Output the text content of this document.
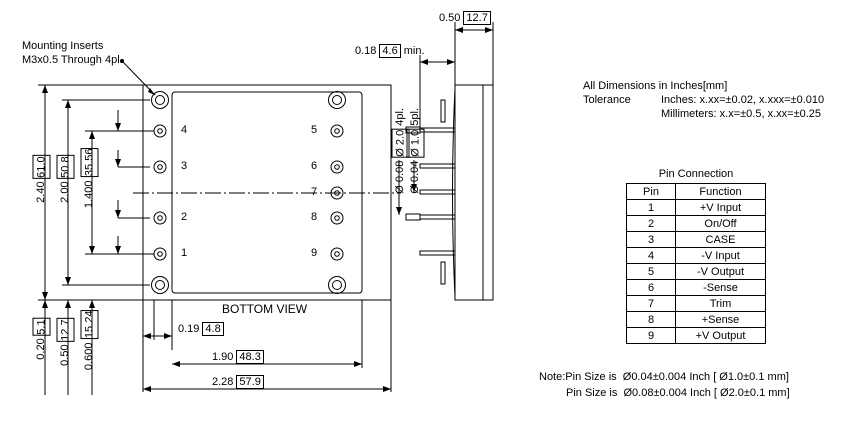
Mounting Inserts
M3x0.5 Through 4pl.
BOTTOM VIEW
4
3
2
1
5
6
7
8
9
2.40
61.0
2.00
50.8
1.400
35.56
0.20
5.1
0.50
12.7
0.600
15.24	0.19 4.8
1.90 48.3
2.28 57.9
0.50 12.7
0.18 4.6 min.
Ø 0.08
Ø 2.0
4pl.
Ø 0.04
Ø 1.0
5pl.
All Dimensions in Inches[mm]
Tolerance	Inches: x.xx=±0.02, x.xxx=±0.010
Millimeters: x.x=±0.5, x.xx=±0.25
Pin Connection
Pin	Function
1	+V Input
2	On/Off
3	CASE
4	-V Input
5	-V Output
6	-Sense
7	Trim
8	+Sense
9	+V Output
Note:Pin Size is  Ø0.04±0.004 Inch [ Ø1.0±0.1 mm]
Pin Size is  Ø0.08±0.004 Inch [ Ø2.0±0.1 mm]
